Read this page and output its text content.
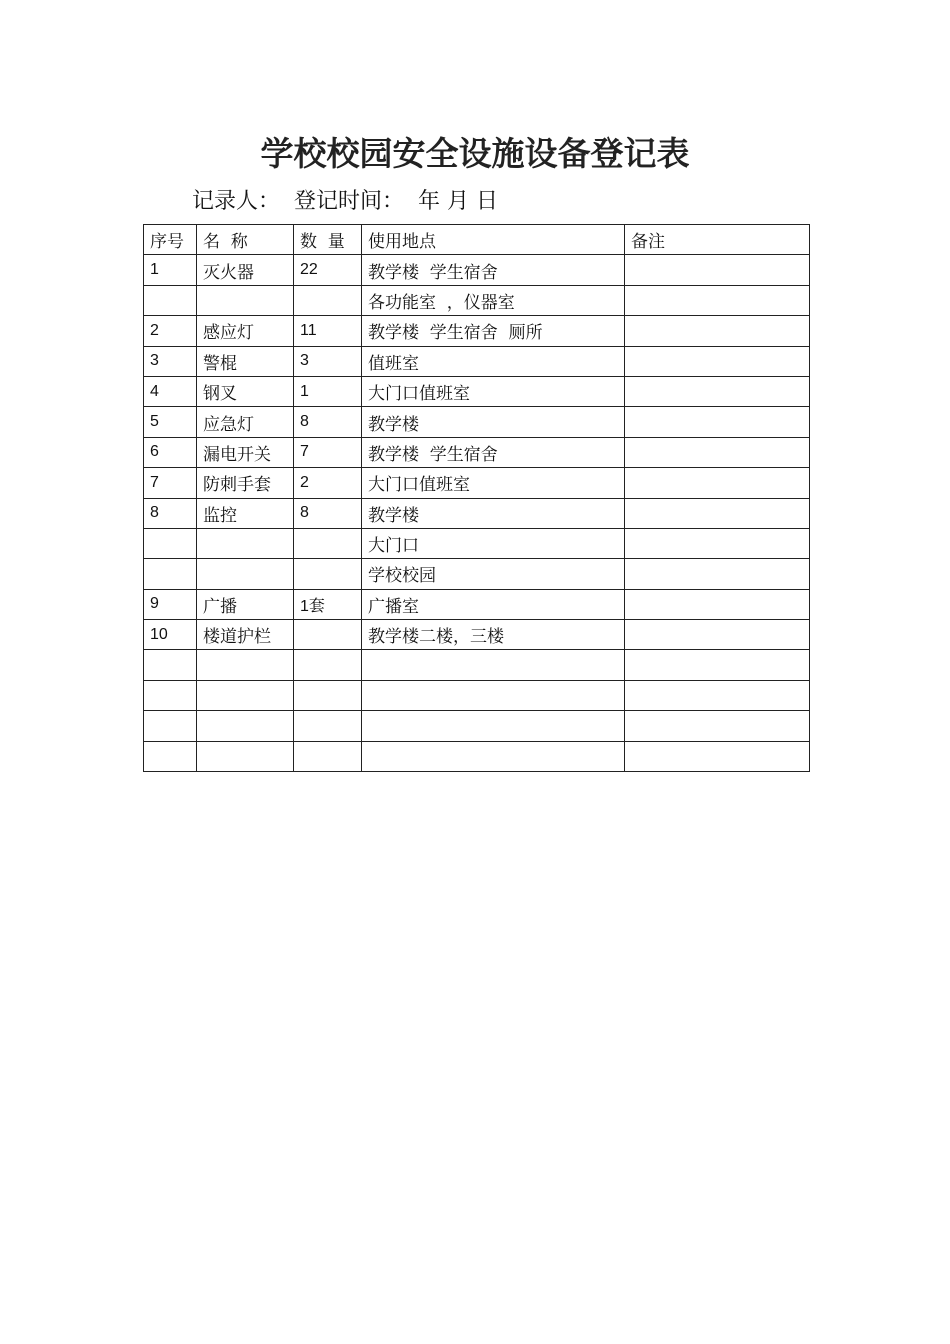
学校校园安全设施设备登记表
记录人：  登记时间：  年 月 日
序号	名  称	数  量	使用地点	备注
1	灭火器	22	教学楼  学生宿舍	
			各功能室  ，仪器室	
2	感应灯	11	教学楼  学生宿舍  厕所	
3	警棍	3	值班室	
4	钢叉	1	大门口值班室	
5	应急灯	8	教学楼	
6	漏电开关	7	教学楼  学生宿舍	
7	防刺手套	2	大门口值班室	
8	监控	8	教学楼	
			大门口	
			学校校园	
9	广播	1套	广播室	
10	楼道护栏		教学楼二楼，三楼	
